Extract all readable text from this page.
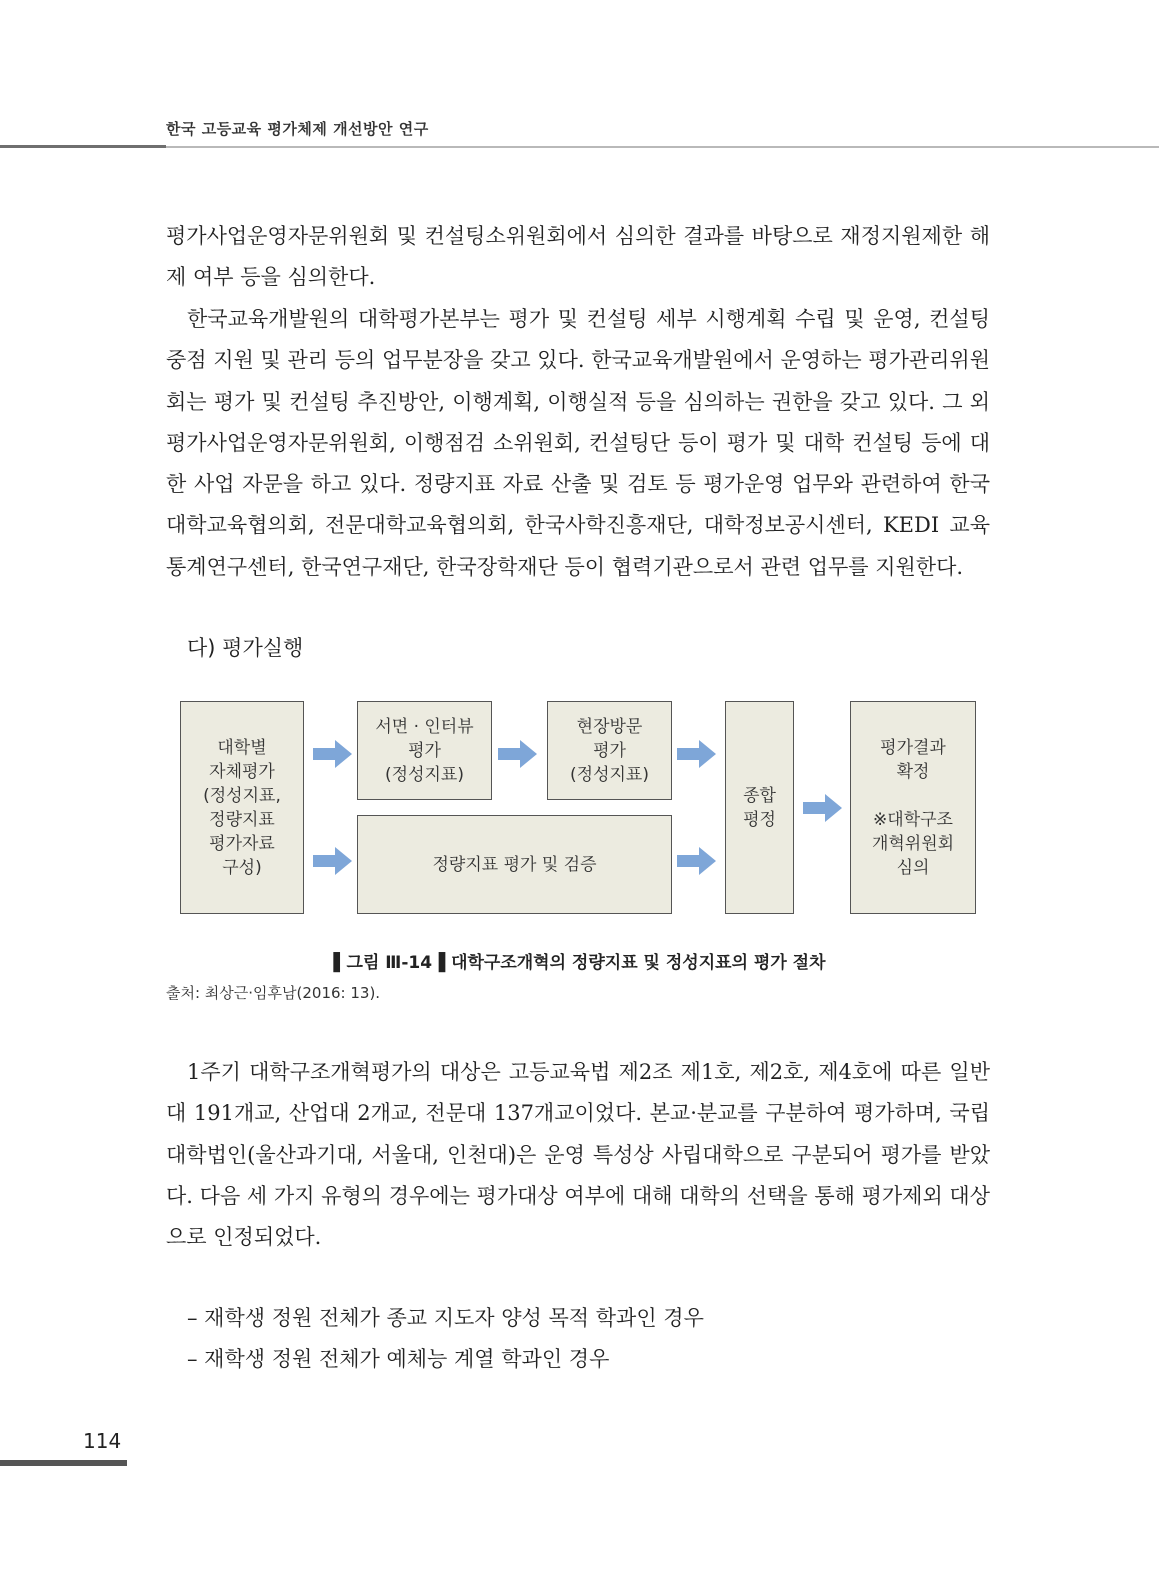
한국 고등교육 평가체제 개선방안 연구

평가사업운영자문위원회 및 컨설팅소위원회에서 심의한 결과를 바탕으로 재정지원제한 해제 여부 등을 심의한다.

한국교육개발원의 대학평가본부는 평가 및 컨설팅 세부 시행계획 수립 및 운영, 컨설팅 중점 지원 및 관리 등의 업무분장을 갖고 있다. 한국교육개발원에서 운영하는 평가관리위원회는 평가 및 컨설팅 추진방안, 이행계획, 이행실적 등을 심의하는 권한을 갖고 있다. 그 외 평가사업운영자문위원회, 이행점검 소위원회, 컨설팅단 등이 평가 및 대학 컨설팅 등에 대한 사업 자문을 하고 있다. 정량지표 자료 산출 및 검토 등 평가운영 업무와 관련하여 한국대학교육협의회, 전문대학교육협의회, 한국사학진흥재단, 대학정보공시센터, KEDI 교육통계연구센터, 한국연구재단, 한국장학재단 등이 협력기관으로서 관련 업무를 지원한다.

다) 평가실행
대학별
자체평가
(정성지표,
정량지표
평가자료
구성)
서면 · 인터뷰
평가
(정성지표)
현장방문
평가
(정성지표)
정량지표 평가 및 검증
종합
평정
평가결과
확정

※대학구조
개혁위원회
심의
▌그림 Ⅲ-14▐ 대학구조개혁의 정량지표 및 정성지표의 평가 절차
출처: 최상근·임후남(2016: 13).

1주기 대학구조개혁평가의 대상은 고등교육법 제2조 제1호, 제2호, 제4호에 따른 일반대 191개교, 산업대 2개교, 전문대 137개교이었다. 본교·분교를 구분하여 평가하며, 국립대학법인(울산과기대, 서울대, 인천대)은 운영 특성상 사립대학으로 구분되어 평가를 받았다. 다음 세 가지 유형의 경우에는 평가대상 여부에 대해 대학의 선택을 통해 평가제외 대상으로 인정되었다.

– 재학생 정원 전체가 종교 지도자 양성 목적 학과인 경우
– 재학생 정원 전체가 예체능 계열 학과인 경우
114
